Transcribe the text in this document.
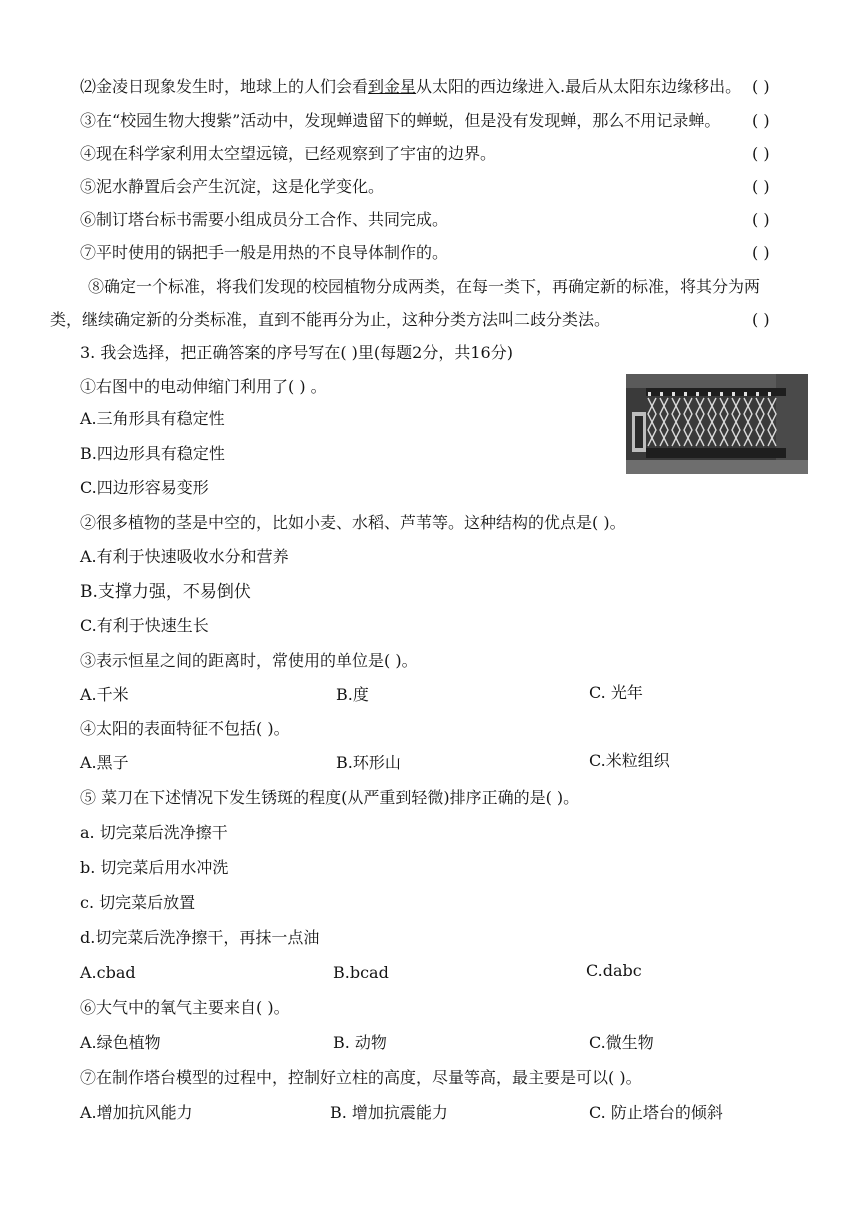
⑵金凌日现象发生时，地球上的人们会看到金星从太阳的西边缘进入.最后从太阳东边缘移出。 ( )
③在“校园生物大搜紫”活动中，发现蝉遗留下的蝉蜕，但是没有发现蝉，那么不用记录蝉。 ( )
④现在科学家利用太空望远镜，已经观察到了宇宙的边界。	( )
⑤泥水静置后会产生沉淀，这是化学变化。	( )
⑥制订塔台标书需要小组成员分工合作、共同完成。	( )
⑦平时使用的锅把手一般是用热的不良导体制作的。	( )
⑧确定一个标准，将我们发现的校园植物分成两类，在每一类下，再确定新的标准，将其分为两
类，继续确定新的分类标准，直到不能再分为止，这种分类方法叫二歧分类法。	( )
3. 我会选择，把正确答案的序号写在( )里(每题2分，共16分)
①右图中的电动伸缩门利用了( ) 。
A.三角形具有稳定性
B.四边形具有稳定性
C.四边形容易变形
②很多植物的茎是中空的，比如小麦、水稻、芦苇等。这种结构的优点是( )。
A.有利于快速吸收水分和营养
B.支撑力强，不易倒伏
C.有利于快速生长
③表示恒星之间的距离时，常使用的单位是( )。
A.千米	B.度	C. 光年
④太阳的表面特征不包括( )。
A.黑子	B.环形山	C.米粒组织
⑤ 菜刀在下述情况下发生锈斑的程度(从严重到轻微)排序正确的是( )。
a. 切完菜后洗净擦干
b. 切完菜后用水冲洗
c. 切完菜后放置
d.切完菜后洗净擦干，再抹一点油
A.cbad	B.bcad	C.dabc
⑥大气中的氧气主要来自( )。
A.绿色植物	B. 动物	C.微生物
⑦在制作塔台模型的过程中，控制好立柱的高度，尽量等高，最主要是可以( )。
A.增加抗风能力	B. 增加抗震能力	C. 防止塔台的倾斜
